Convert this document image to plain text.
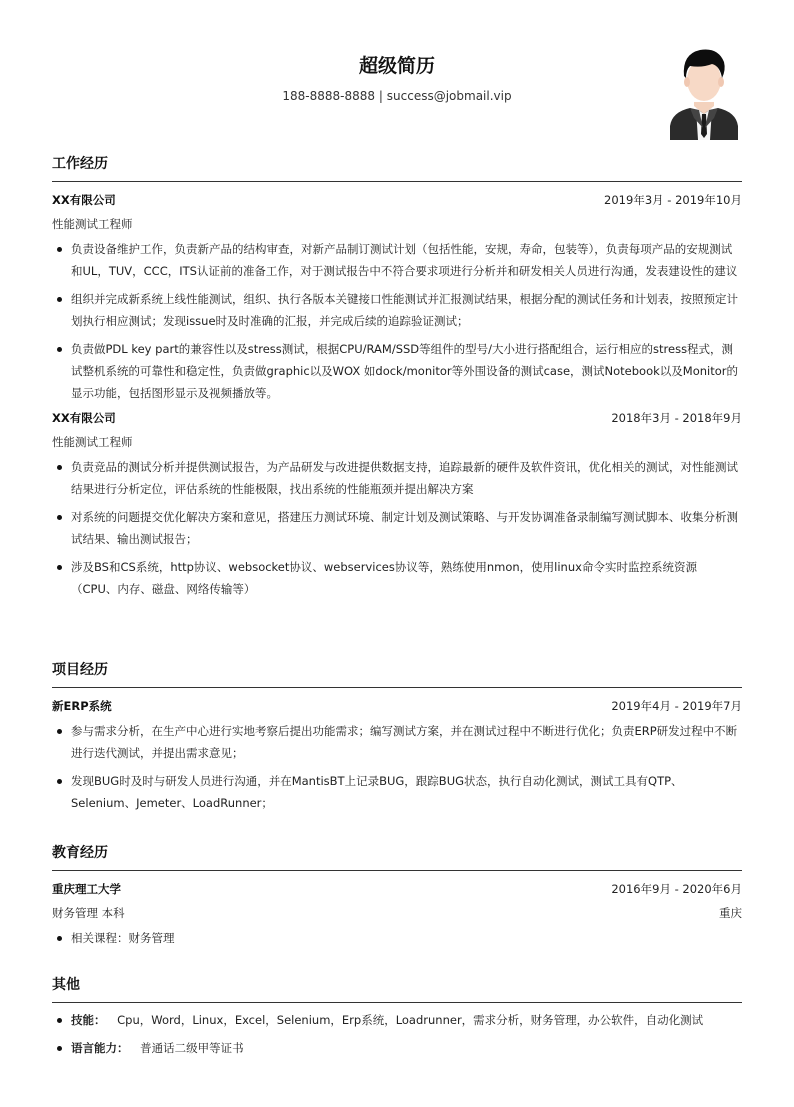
超级简历
188-8888-8888 | success@jobmail.vip
工作经历
XX有限公司	2019年3月 - 2019年10月
性能测试工程师
负责设备维护工作，负责新产品的结构审查，对新产品制订测试计划（包括性能，安规，寿命，包装等），负责每项产品的安规测试和UL，TUV，CCC，ITS认证前的准备工作，对于测试报告中不符合要求项进行分析并和研发相关人员进行沟通，发表建设性的建议
组织并完成新系统上线性能测试，组织、执行各版本关键接口性能测试并汇报测试结果，根据分配的测试任务和计划表，按照预定计划执行相应测试；发现issue时及时准确的汇报，并完成后续的追踪验证测试；
负责做PDL key part的兼容性以及stress测试，根据CPU/RAM/SSD等组件的型号/大小进行搭配组合，运行相应的stress程式，测试整机系统的可靠性和稳定性，负责做graphic以及WOX 如dock/monitor等外围设备的测试case，测试Notebook以及Monitor的显示功能，包括图形显示及视频播放等。
XX有限公司	2018年3月 - 2018年9月
性能测试工程师
负责竞品的测试分析并提供测试报告，为产品研发与改进提供数据支持，追踪最新的硬件及软件资讯，优化相关的测试，对性能测试结果进行分析定位，评估系统的性能极限，找出系统的性能瓶颈并提出解决方案
对系统的问题提交优化解决方案和意见，搭建压力测试环境、制定计划及测试策略、与开发协调准备录制编写测试脚本、收集分析测试结果、输出测试报告；
涉及BS和CS系统，http协议、websocket协议、webservices协议等，熟练使用nmon，使用linux命令实时监控系统资源（CPU、内存、磁盘、网络传输等）
项目经历
新ERP系统	2019年4月 - 2019年7月
参与需求分析，在生产中心进行实地考察后提出功能需求；编写测试方案，并在测试过程中不断进行优化；负责ERP研发过程中不断进行迭代测试，并提出需求意见；
发现BUG时及时与研发人员进行沟通，并在MantisBT上记录BUG，跟踪BUG状态，执行自动化测试，测试工具有QTP、Selenium、Jemeter、LoadRunner；
教育经历
重庆理工大学	2016年9月 - 2020年6月
财务管理 本科	重庆
相关课程：财务管理
其他
技能： Cpu，Word，Linux，Excel，Selenium，Erp系统，Loadrunner，需求分析，财务管理，办公软件，自动化测试
语言能力： 普通话二级甲等证书
